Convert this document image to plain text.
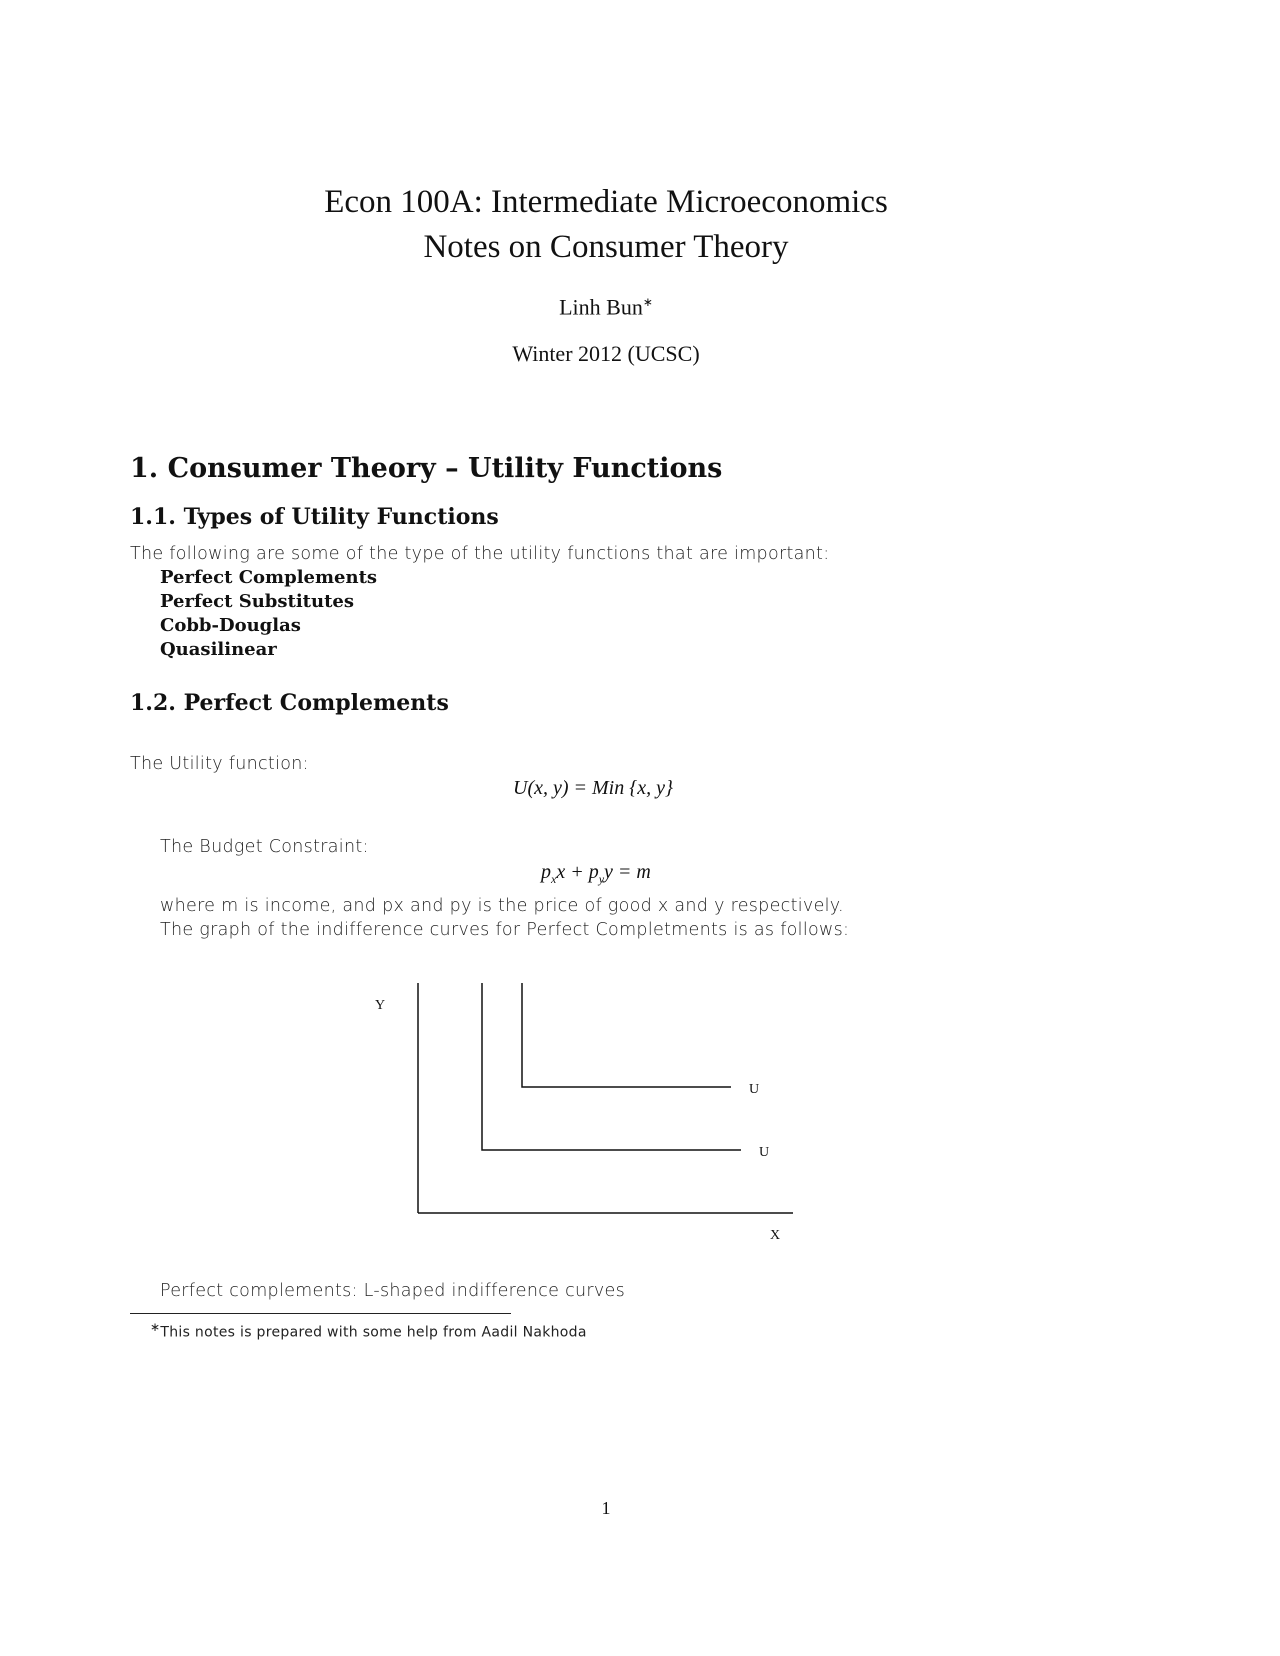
Econ 100A: Intermediate Microeconomics
Notes on Consumer Theory
Linh Bun∗
Winter 2012 (UCSC)
1. Consumer Theory – Utility Functions
1.1. Types of Utility Functions
The following are some of the type of the utility functions that are important:
Perfect Complements
Perfect Substitutes
Cobb-Douglas
Quasilinear
1.2. Perfect Complements
The Utility function:
U(x, y) = Min {x, y}
The Budget Constraint:
$p_xx + p_yy = m$
where m is income, and px and py is the price of good x and y respectively.
The graph of the indifference curves for Perfect Completments is as follows:
Y
U
U
X
Perfect complements: L-shaped indifference curves
∗This notes is prepared with some help from Aadil Nakhoda
1
